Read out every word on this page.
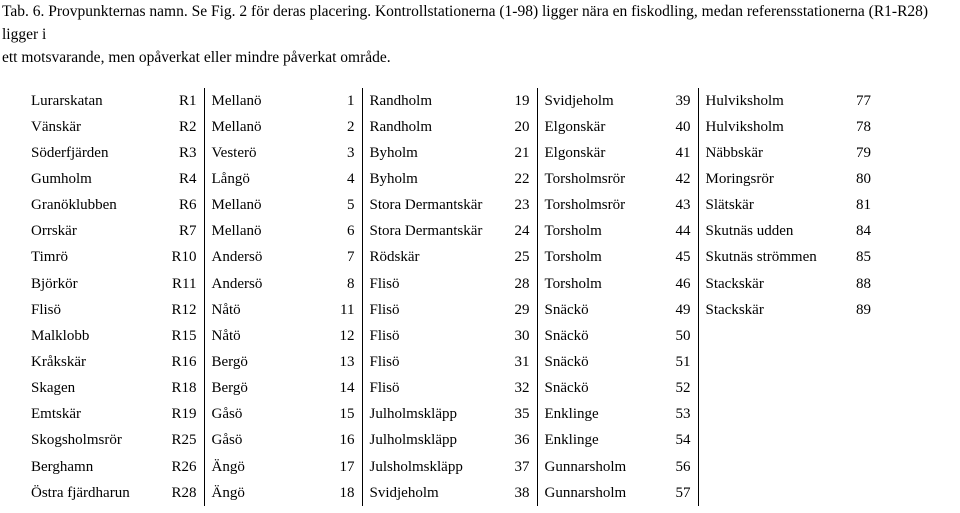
Tab. 6. Provpunkternas namn. Se Fig. 2 för deras placering. Kontrollstationerna (1-98) ligger nära en fiskodling, medan referensstationerna (R1-R28) ligger i
ett motsvarande, men opåverkat eller mindre påverkat område.
Lurarskatan	R1	Mellanö	1	Randholm	19	Svidjeholm	39	Hulviksholm	77
Vänskär	R2	Mellanö	2	Randholm	20	Elgonskär	40	Hulviksholm	78
Söderfjärden	R3	Vesterö	3	Byholm	21	Elgonskär	41	Näbbskär	79
Gumholm	R4	Långö	4	Byholm	22	Torsholmsrör	42	Moringsrör	80
Granöklubben	R6	Mellanö	5	Stora Dermantskär	23	Torsholmsrör	43	Slätskär	81
Orrskär	R7	Mellanö	6	Stora Dermantskär	24	Torsholm	44	Skutnäs udden	84
Timrö	R10	Andersö	7	Rödskär	25	Torsholm	45	Skutnäs strömmen	85
Björkör	R11	Andersö	8	Flisö	28	Torsholm	46	Stackskär	88
Flisö	R12	Nåtö	11	Flisö	29	Snäckö	49	Stackskär	89
Malklobb	R15	Nåtö	12	Flisö	30	Snäckö	50		
Kråkskär	R16	Bergö	13	Flisö	31	Snäckö	51		
Skagen	R18	Bergö	14	Flisö	32	Snäckö	52		
Emtskär	R19	Gåsö	15	Julholmskläpp	35	Enklinge	53		
Skogsholmsrör	R25	Gåsö	16	Julholmskläpp	36	Enklinge	54		
Berghamn	R26	Ängö	17	Julsholmskläpp	37	Gunnarsholm	56		
Östra fjärdharun	R28	Ängö	18	Svidjeholm	38	Gunnarsholm	57		
